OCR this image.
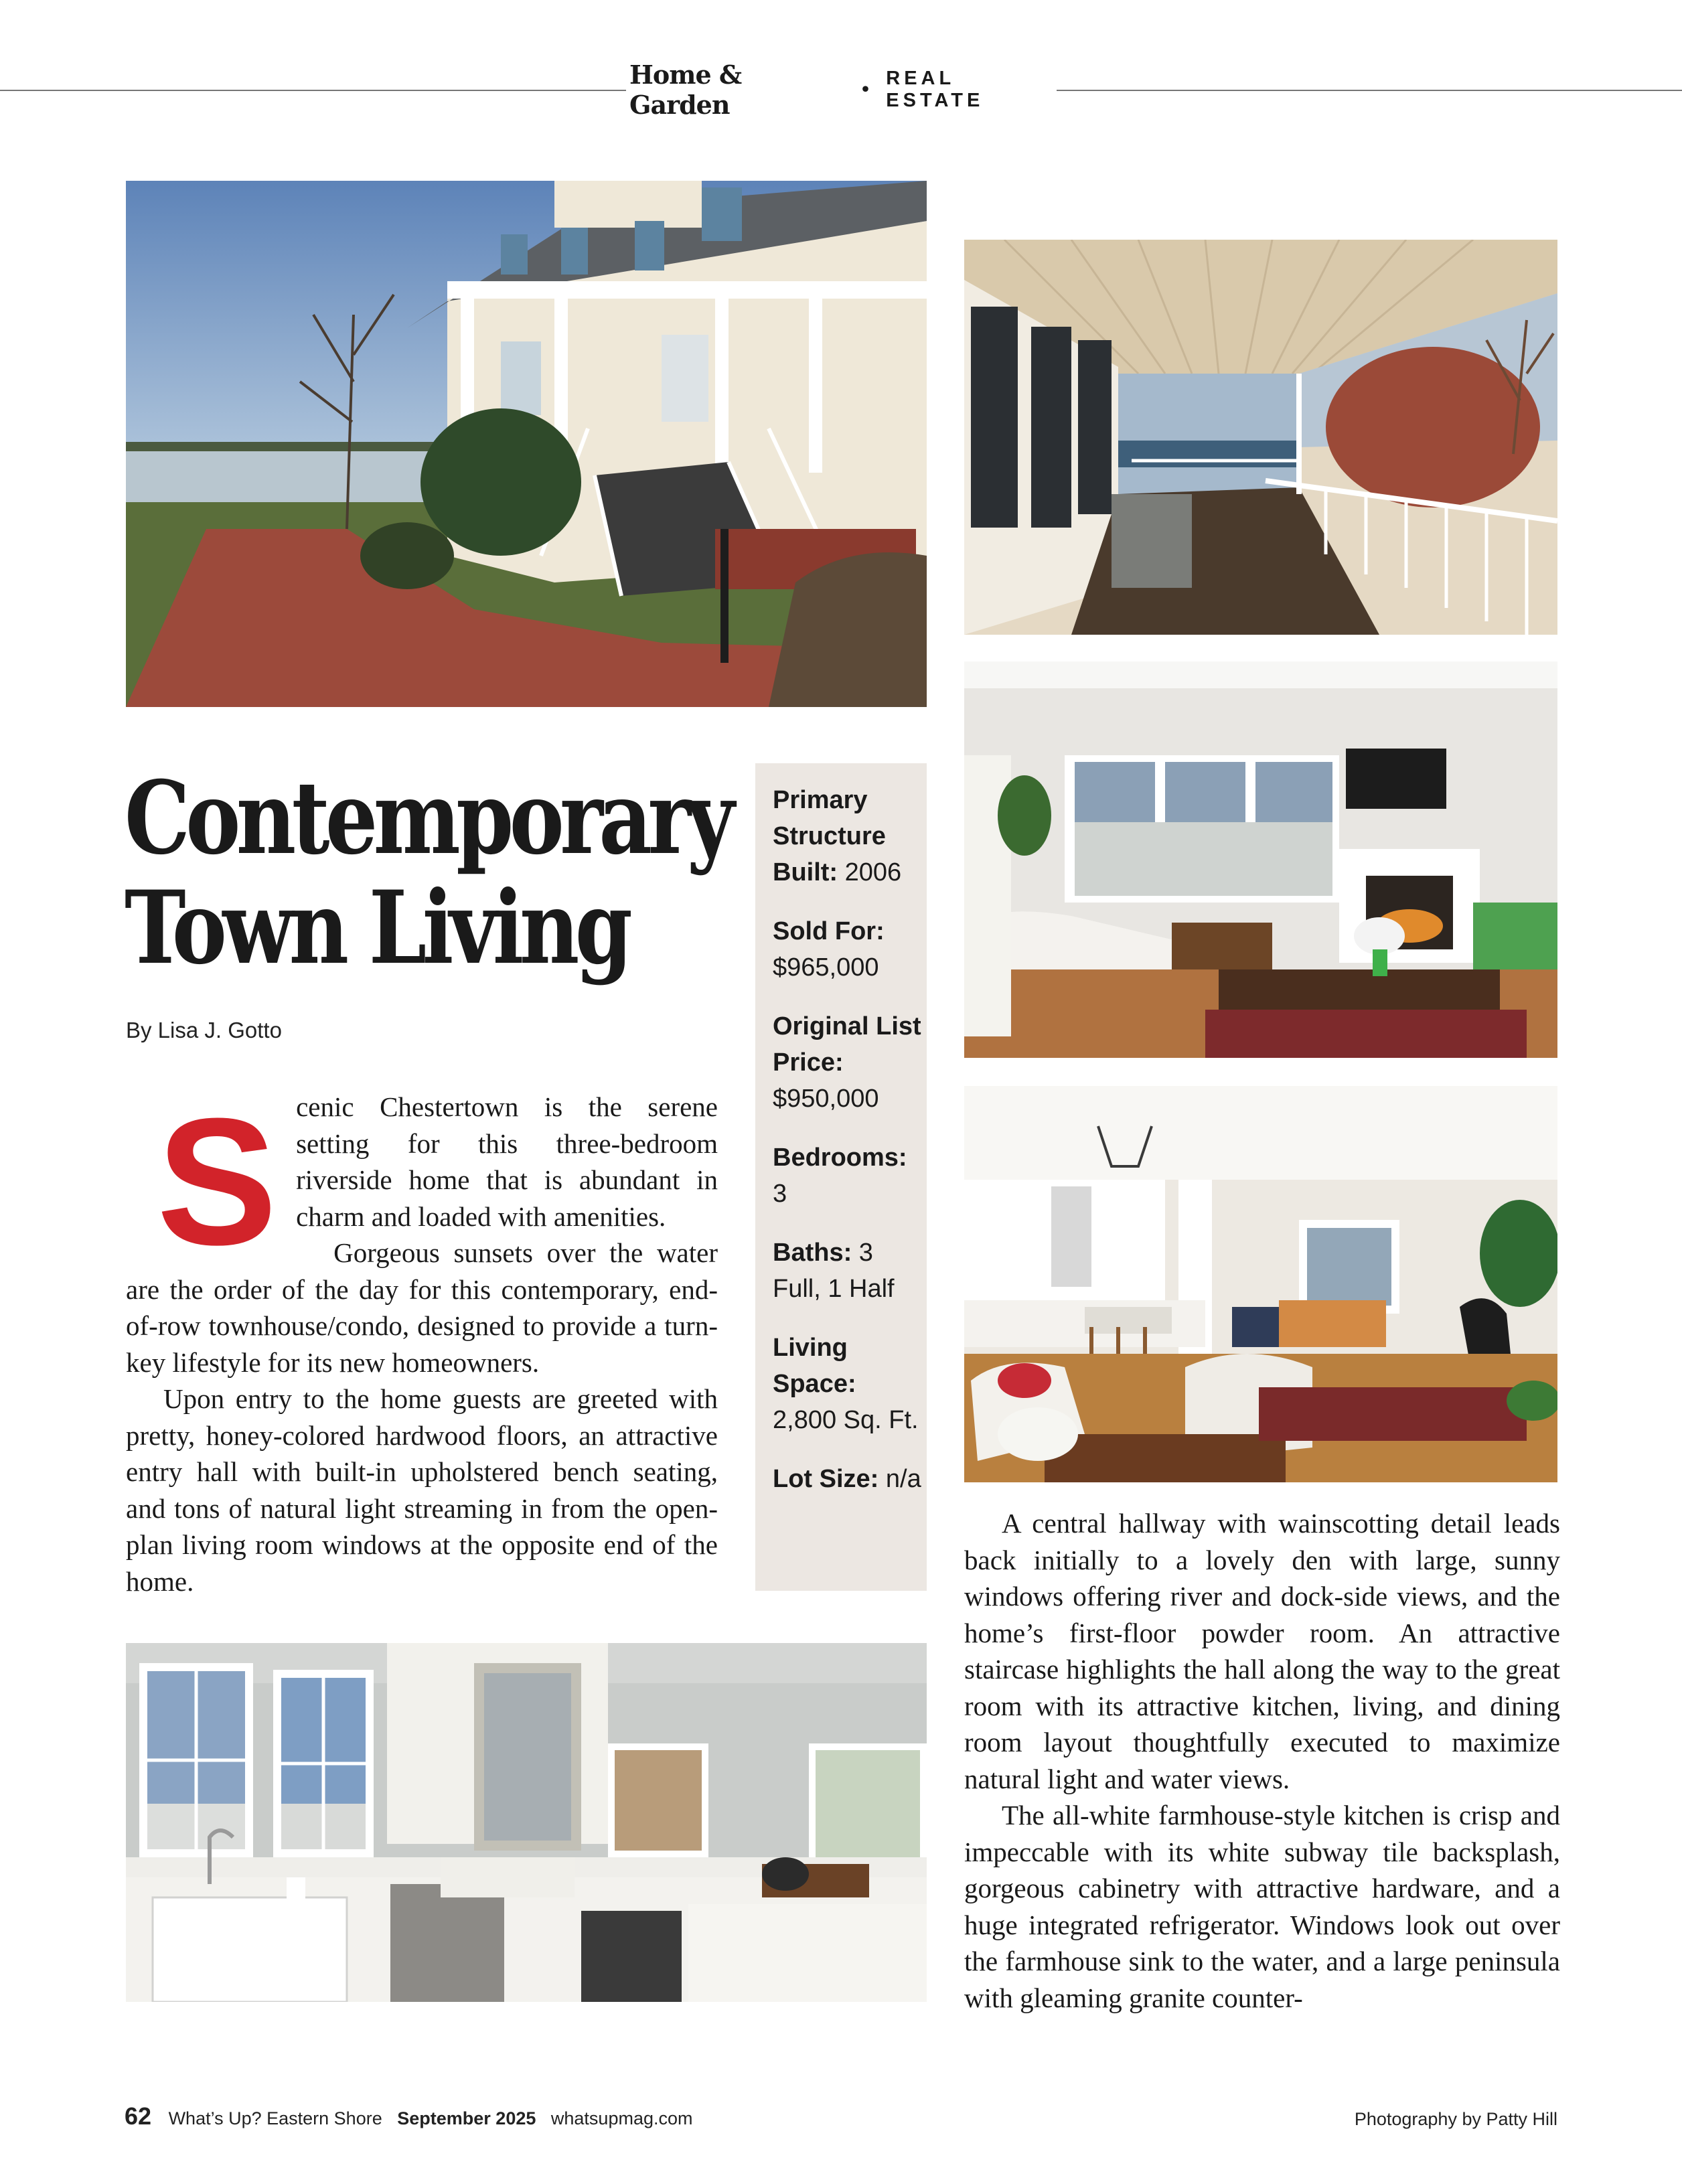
Home & Garden	• REAL ESTATE
Contemporary
Town Living
By Lisa J. Gotto

Scenic Chestertown is the serene setting for this three-bedroom riverside home that is abundant in charm and loaded with amenities.

Gorgeous sunsets over the water are the order of the day for this contemporary, end-of-row townhouse/condo, designed to provide a turn-key lifestyle for its new homeowners.

Upon entry to the home guests are greeted with pretty, honey-colored hardwood floors, an attractive entry hall with built-in upholstered bench seating, and tons of natural light streaming in from the open-plan living room windows at the opposite end of the home.

Primary Structure Built: 2006
Sold For: $965,000
Original List Price: $950,000
Bedrooms: 3
Baths: 3 Full, 1 Half
Living Space: 2,800 Sq. Ft.
Lot Size: n/a

A central hallway with wainscotting detail leads back initially to a lovely den with large, sunny windows offering river and dock-side views, and the home’s first-floor powder room. An attractive staircase highlights the hall along the way to the great room with its attractive kitchen, living, and dining room layout thoughtfully executed to maximize natural light and water views.

The all-white farmhouse-style kitchen is crisp and impeccable with its white subway tile backsplash, gorgeous cabinetry with attractive hardware, and a huge integrated refrigerator. Windows look out over the farmhouse sink to the water, and a large peninsula with gleaming granite counter-

62 What’s Up? Eastern Shore September 2025 whatsupmag.com	Photography by Patty Hill
